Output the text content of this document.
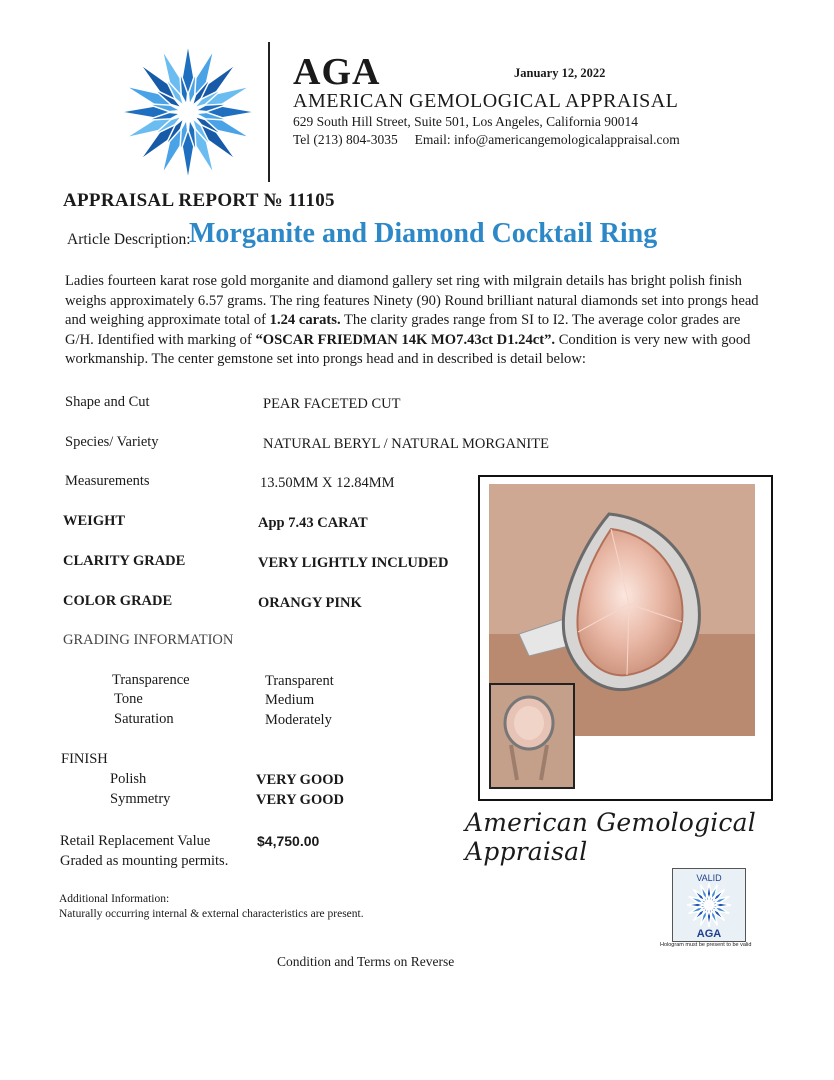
AGA	January 12, 2022
AMERICAN GEMOLOGICAL APPRAISAL
629 South Hill Street, Suite 501, Los Angeles, California 90014
Tel (213) 804-3035     Email: info@americangemologicalappraisal.com
APPRAISAL REPORT № 11105
Article Description:
Morganite and Diamond Cocktail Ring
Ladies fourteen karat rose gold morganite and diamond gallery set ring with milgrain details has bright polish finish weighs approximately 6.57 grams. The ring features Ninety (90) Round brilliant natural diamonds set into prongs head and weighing approximate total of 1.24 carats. The clarity grades range from SI to I2. The average color grades are G/H. Identified with marking of “OSCAR FRIEDMAN 14K MO7.43ct D1.24ct”. Condition is very new with good workmanship. The center gemstone set into prongs head and in described is detail below:
Shape and Cut	PEAR FACETED CUT
Species/ Variety	NATURAL BERYL / NATURAL MORGANITE
Measurements	13.50MM X 12.84MM
WEIGHT	App 7.43 CARAT
CLARITY GRADE	VERY LIGHTLY INCLUDED
COLOR GRADE	ORANGY PINK
GRADING INFORMATION
Transparence	Transparent
Tone	Medium
Saturation	Moderately
FINISH
Polish	VERY GOOD
Symmetry	VERY GOOD
Retail Replacement Value	$4,750.00
Graded as mounting permits.
Additional Information:
Naturally occurring internal & external characteristics are present.
American Gemological Appraisal
VALID
AGA
Hologram must be present to be valid
Condition and Terms on Reverse
